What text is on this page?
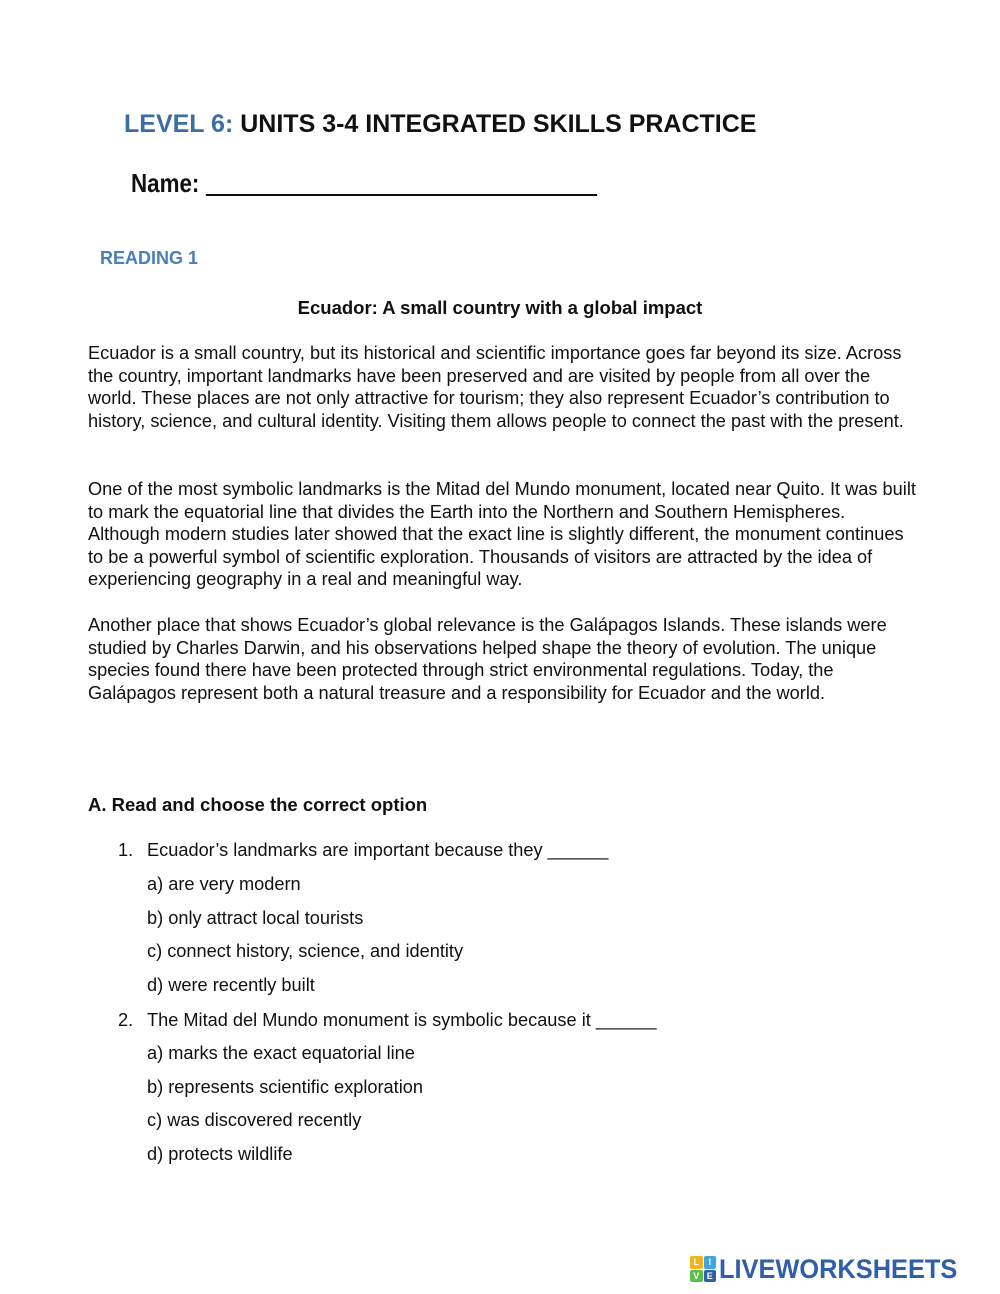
LEVEL 6: UNITS 3-4 INTEGRATED SKILLS PRACTICE
Name:
READING 1
Ecuador: A small country with a global impact
Ecuador is a small country, but its historical and scientific importance goes far beyond its size. Across the country, important landmarks have been preserved and are visited by people from all over the world. These places are not only attractive for tourism; they also represent Ecuador’s contribution to history, science, and cultural identity. Visiting them allows people to connect the past with the present.
One of the most symbolic landmarks is the Mitad del Mundo monument, located near Quito. It was built to mark the equatorial line that divides the Earth into the Northern and Southern Hemispheres. Although modern studies later showed that the exact line is slightly different, the monument continues to be a powerful symbol of scientific exploration. Thousands of visitors are attracted by the idea of experiencing geography in a real and meaningful way.
Another place that shows Ecuador’s global relevance is the Galápagos Islands. These islands were studied by Charles Darwin, and his observations helped shape the theory of evolution. The unique species found there have been protected through strict environmental regulations. Today, the Galápagos represent both a natural treasure and a responsibility for Ecuador and the world.
A. Read and choose the correct option
1. Ecuador’s landmarks are important because they ______
a) are very modern
b) only attract local tourists
c) connect history, science, and identity
d) were recently built
2. The Mitad del Mundo monument is symbolic because it ______
a) marks the exact equatorial line
b) represents scientific exploration
c) was discovered recently
d) protects wildlife
L	I
V E LIVEWORKSHEETS
